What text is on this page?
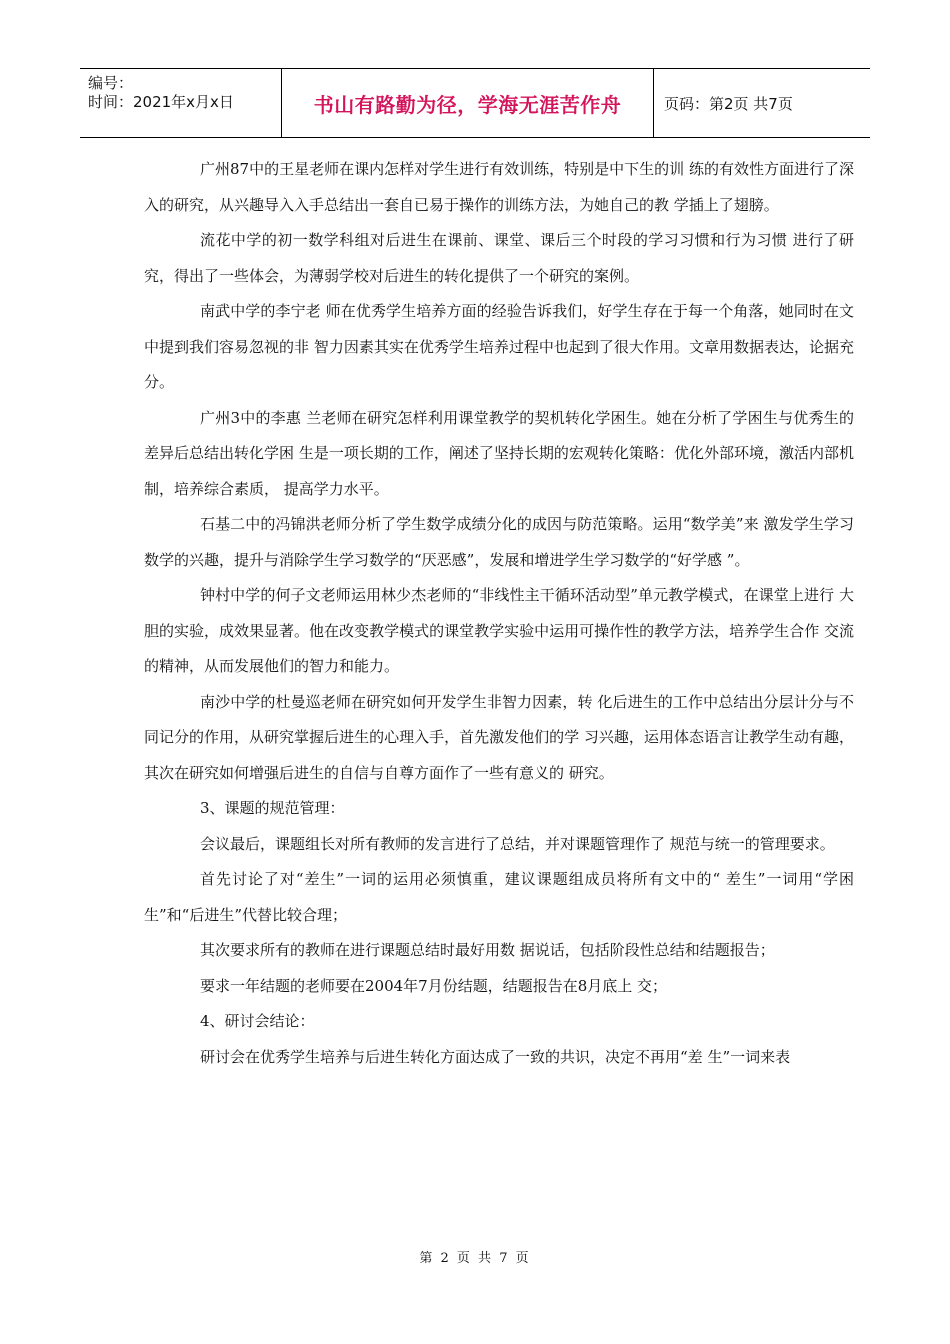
编号：
时间：2021年x月x日	书山有路勤为径，学海无涯苦作舟	页码：第2页 共7页

广州87中的王星老师在课内怎样对学生进行有效训练，特别是中下生的训 练的有效性方面进行了深入的研究，从兴趣导入入手总结出一套自已易于操作的训练方法，为她自己的教 学插上了翅膀。

流花中学的初一数学科组对后进生在课前、课堂、课后三个时段的学习习惯和行为习惯 进行了研究，得出了一些体会，为薄弱学校对后进生的转化提供了一个研究的案例。

南武中学的李宁老 师在优秀学生培养方面的经验告诉我们，好学生存在于每一个角落，她同时在文中提到我们容易忽视的非 智力因素其实在优秀学生培养过程中也起到了很大作用。文章用数据表达，论据充分。

广州3中的李惠 兰老师在研究怎样利用课堂教学的契机转化学困生。她在分析了学困生与优秀生的差异后总结出转化学困 生是一项长期的工作，阐述了坚持长期的宏观转化策略：优化外部环境，激活内部机制，培养综合素质， 提高学力水平。

石基二中的冯锦洪老师分析了学生数学成绩分化的成因与防范策略。运用“数学美”来 激发学生学习数学的兴趣，提升与消除学生学习数学的“厌恶感”，发展和增进学生学习数学的“好学感 ”。

钟村中学的何子文老师运用林少杰老师的“非线性主干循环活动型”单元教学模式，在课堂上进行 大胆的实验，成效果显著。他在改变教学模式的课堂教学实验中运用可操作性的教学方法，培养学生合作 交流的精神，从而发展他们的智力和能力。

南沙中学的杜曼巡老师在研究如何开发学生非智力因素，转 化后进生的工作中总结出分层计分与不同记分的作用，从研究掌握后进生的心理入手，首先激发他们的学 习兴趣，运用体态语言让教学生动有趣，其次在研究如何增强后进生的自信与自尊方面作了一些有意义的 研究。

3、课题的规范管理：

会议最后，课题组长对所有教师的发言进行了总结，并对课题管理作了 规范与统一的管理要求。

首先讨论了对“差生”一词的运用必须慎重，建议课题组成员将所有文中的“ 差生”一词用“学困生”和“后进生”代替比较合理；

其次要求所有的教师在进行课题总结时最好用数 据说话，包括阶段性总结和结题报告；

要求一年结题的老师要在2004年7月份结题，结题报告在8月底上 交；

4、研讨会结论：

研讨会在优秀学生培养与后进生转化方面达成了一致的共识，决定不再用“差 生”一词来表

第 2 页 共 7 页
